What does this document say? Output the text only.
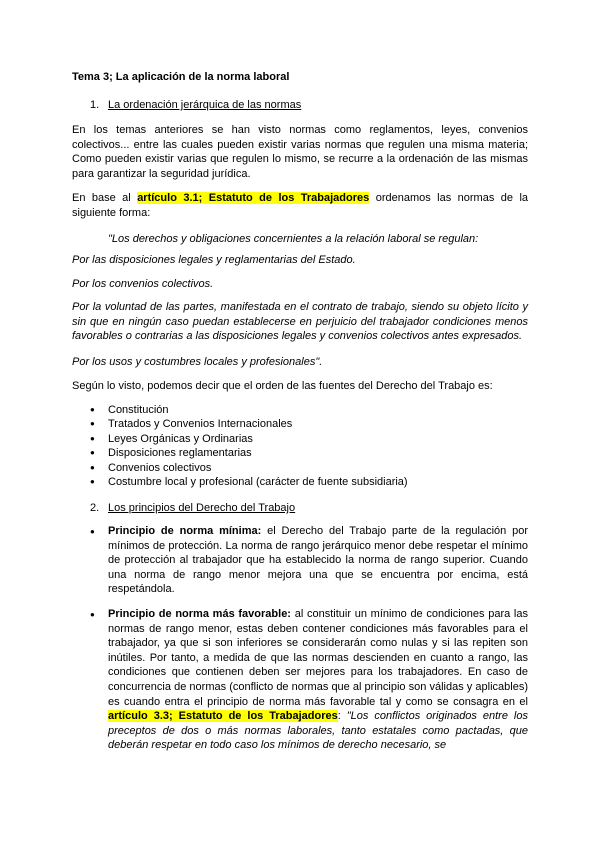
Tema 3; La aplicación de la norma laboral

1. La ordenación jerárquica de las normas

En los temas anteriores se han visto normas como reglamentos, leyes, convenios colectivos... entre las cuales pueden existir varias normas que regulen una misma materia; Como pueden existir varias que regulen lo mismo, se recurre a la ordenación de las mismas para garantizar la seguridad jurídica.

En base al artículo 3.1; Estatuto de los Trabajadores ordenamos las normas de la siguiente forma:

"Los derechos y obligaciones concernientes a la relación laboral se regulan:

Por las disposiciones legales y reglamentarias del Estado.

Por los convenios colectivos.

Por la voluntad de las partes, manifestada en el contrato de trabajo, siendo su objeto lícito y sin que en ningún caso puedan establecerse en perjuicio del trabajador condiciones menos favorables o contrarias a las disposiciones legales y convenios colectivos antes expresados.

Por los usos y costumbres locales y profesionales".

Según lo visto, podemos decir que el orden de las fuentes del Derecho del Trabajo es:

● Constitución

● Tratados y Convenios Internacionales

● Leyes Orgánicas y Ordinarias

● Disposiciones reglamentarias

● Convenios colectivos

● Costumbre local y profesional (carácter de fuente subsidiaria)

2. Los principios del Derecho del Trabajo

● Principio de norma mínima: el Derecho del Trabajo parte de la regulación por mínimos de protección. La norma de rango jerárquico menor debe respetar el mínimo de protección al trabajador que ha establecido la norma de rango superior. Cuando una norma de rango menor mejora una que se encuentra por encima, está respetándola.

● Principio de norma más favorable: al constituir un mínimo de condiciones para las normas de rango menor, estas deben contener condiciones más favorables para el trabajador, ya que si son inferiores se considerarán como nulas y si las repiten son inútiles. Por tanto, a medida de que las normas descienden en cuanto a rango, las condiciones que contienen deben ser mejores para los trabajadores. En caso de concurrencia de normas (conflicto de normas que al principio son válidas y aplicables) es cuando entra el principio de norma más favorable tal y como se consagra en el artículo 3.3; Estatuto de los Trabajadores: "Los conflictos originados entre los preceptos de dos o más normas laborales, tanto estatales como pactadas, que deberán respetar en todo caso los mínimos de derecho necesario, se
